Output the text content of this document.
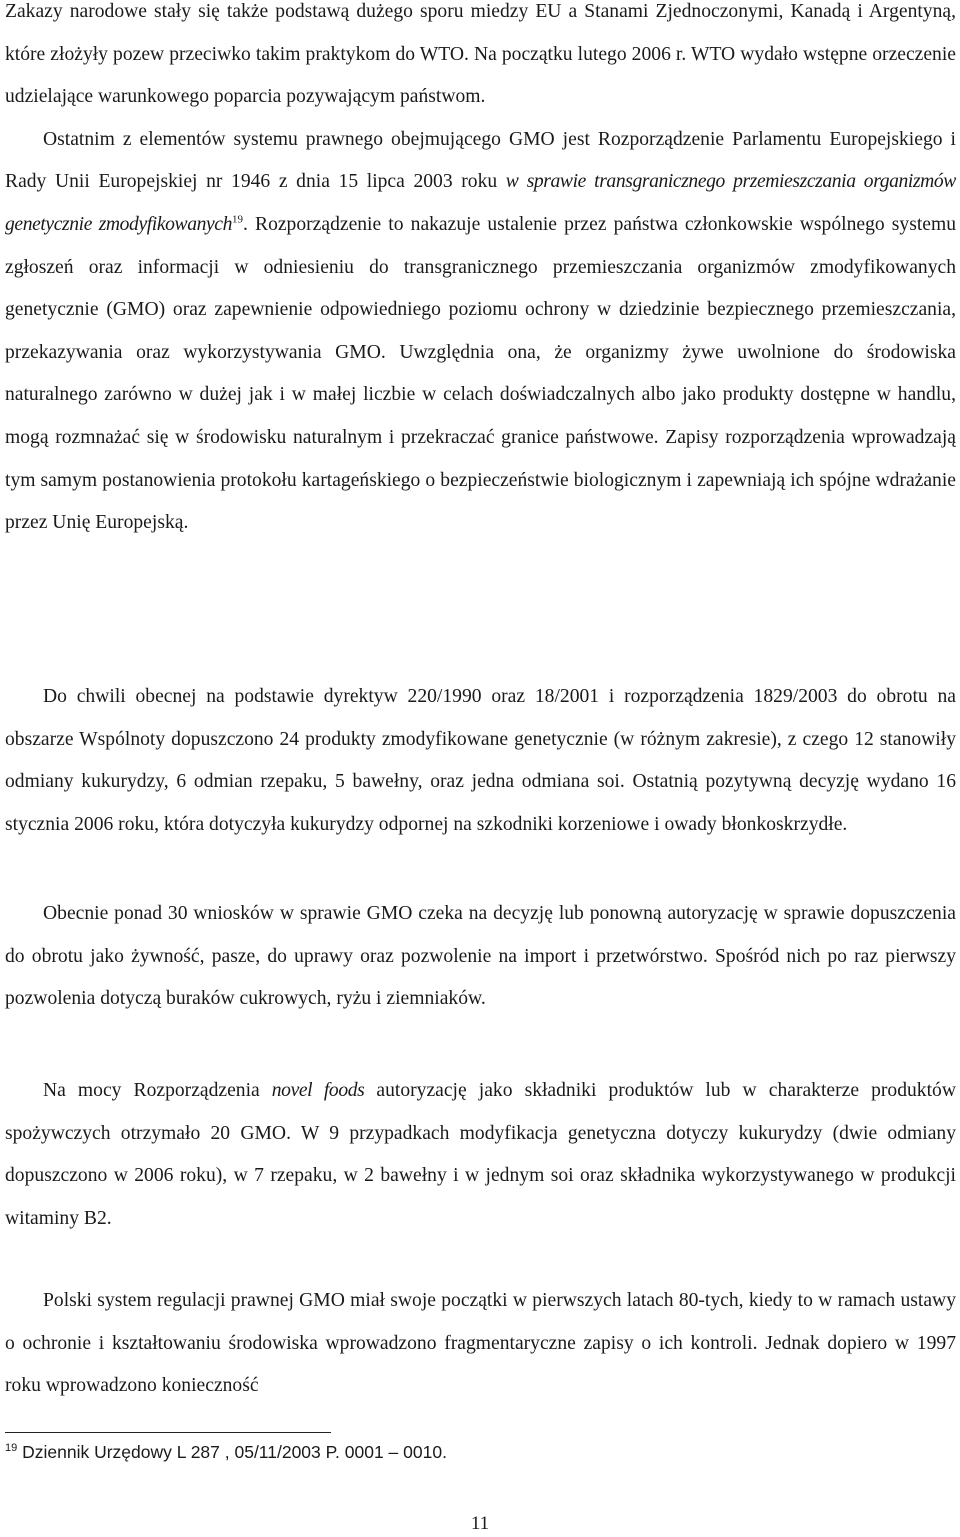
Zakazy narodowe stały się także podstawą dużego sporu miedzy EU a Stanami Zjednoczonymi, Kanadą i Argentyną, które złożyły pozew przeciwko takim praktykom do WTO. Na początku lutego 2006 r. WTO wydało wstępne orzeczenie udzielające warunkowego poparcia pozywającym państwom.

Ostatnim z elementów systemu prawnego obejmującego GMO jest Rozporządzenie Parlamentu Europejskiego i Rady Unii Europejskiej nr 1946 z dnia 15 lipca 2003 roku w sprawie transgranicznego przemieszczania organizmów genetycznie zmodyfikowanych$^{19}$. Rozporządzenie to nakazuje ustalenie przez państwa członkowskie wspólnego systemu zgłoszeń oraz informacji w odniesieniu do transgranicznego przemieszczania organizmów zmodyfikowanych genetycznie (GMO) oraz zapewnienie odpowiedniego poziomu ochrony w dziedzinie bezpiecznego przemieszczania, przekazywania oraz wykorzystywania GMO. Uwzględnia ona, że organizmy żywe uwolnione do środowiska naturalnego zarówno w dużej jak i w małej liczbie w celach doświadczalnych albo jako produkty dostępne w handlu, mogą rozmnażać się w środowisku naturalnym i przekraczać granice państwowe. Zapisy rozporządzenia wprowadzają tym samym postanowienia protokołu kartageńskiego o bezpieczeństwie biologicznym i zapewniają ich spójne wdrażanie przez Unię Europejską.

Do chwili obecnej na podstawie dyrektyw 220/1990 oraz 18/2001 i rozporządzenia 1829/2003 do obrotu na obszarze Wspólnoty dopuszczono 24 produkty zmodyfikowane genetycznie (w różnym zakresie), z czego 12 stanowiły odmiany kukurydzy, 6 odmian rzepaku, 5 bawełny, oraz jedna odmiana soi. Ostatnią pozytywną decyzję wydano 16 stycznia 2006 roku, która dotyczyła kukurydzy odpornej na szkodniki korzeniowe i owady błonkoskrzydłe.

Obecnie ponad 30 wniosków w sprawie GMO czeka na decyzję lub ponowną autoryzację w sprawie dopuszczenia do obrotu jako żywność, pasze, do uprawy oraz pozwolenie na import i przetwórstwo. Spośród nich po raz pierwszy pozwolenia dotyczą buraków cukrowych, ryżu i ziemniaków.

Na mocy Rozporządzenia novel foods autoryzację jako składniki produktów lub w charakterze produktów spożywczych otrzymało 20 GMO. W 9 przypadkach modyfikacja genetyczna dotyczy kukurydzy (dwie odmiany dopuszczono w 2006 roku), w 7 rzepaku, w 2 bawełny i w jednym soi oraz składnika wykorzystywanego w produkcji witaminy B2.

Polski system regulacji prawnej GMO miał swoje początki w pierwszych latach 80-tych, kiedy to w ramach ustawy o ochronie i kształtowaniu środowiska wprowadzono fragmentaryczne zapisy o ich kontroli. Jednak dopiero w 1997 roku wprowadzono konieczność

$^{19}$ Dziennik Urzędowy L 287 , 05/11/2003 P. 0001 – 0010.
11
